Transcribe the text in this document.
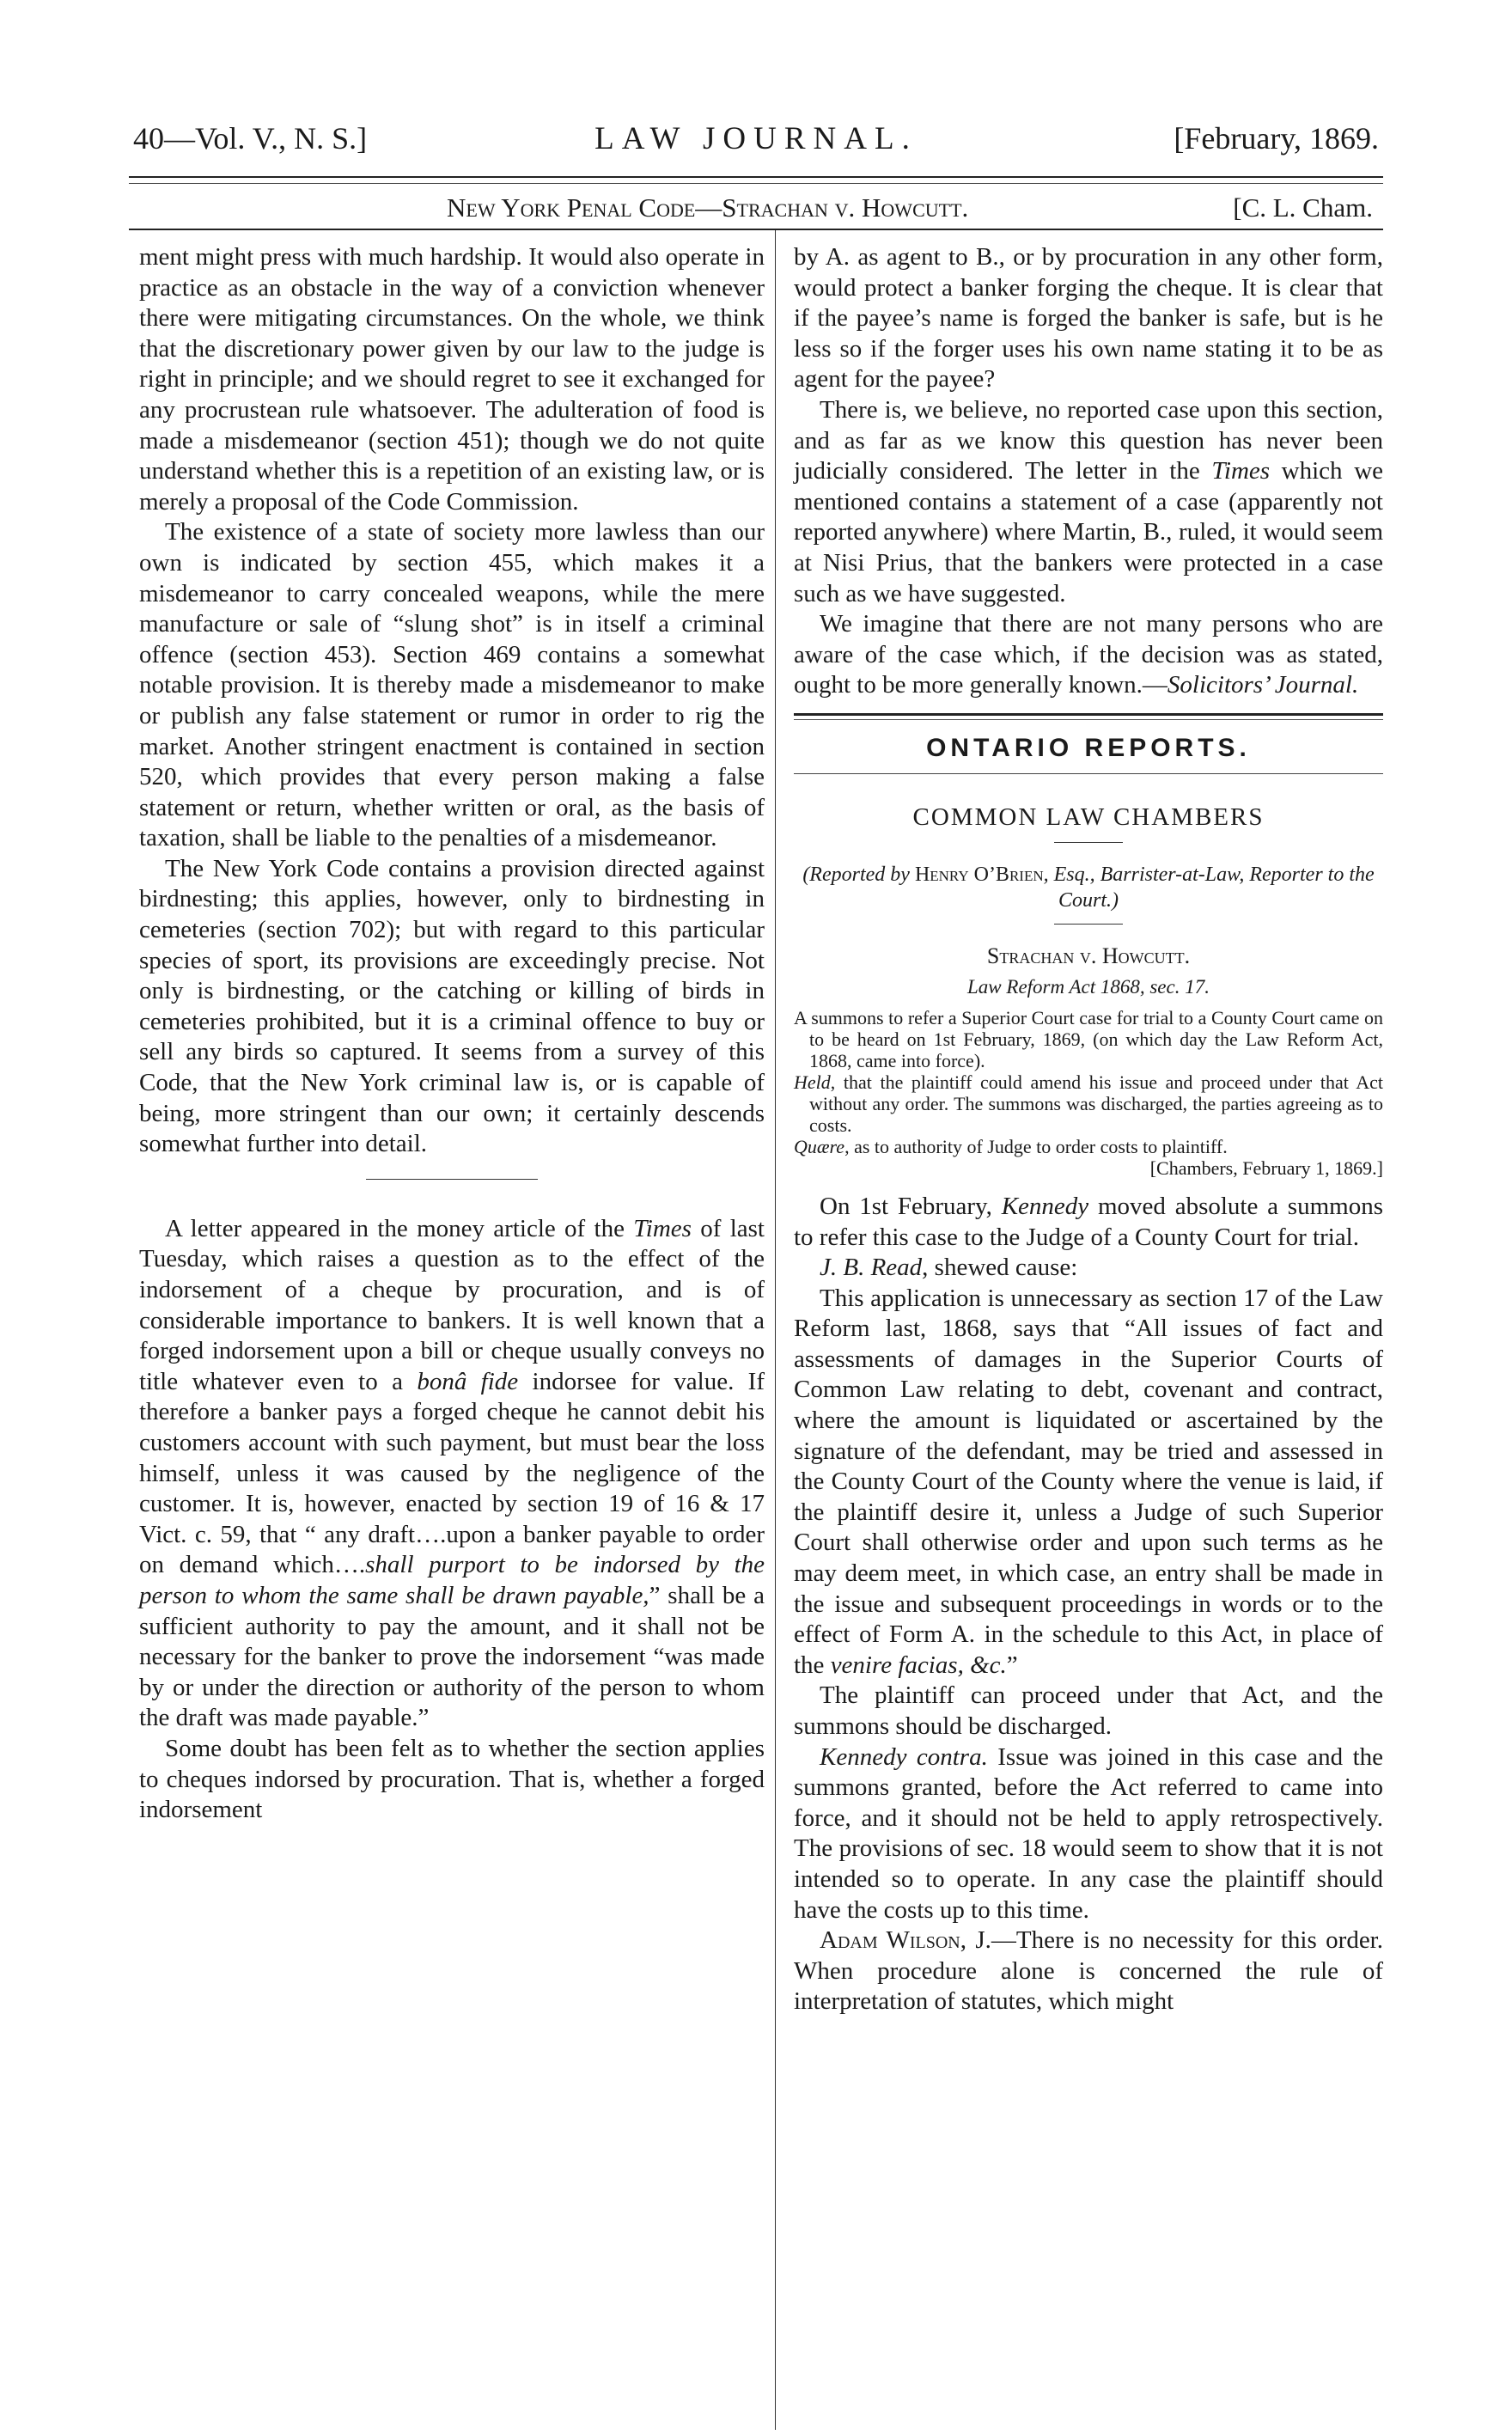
40—Vol. V., N. S.]	LAW JOURNAL.	[February, 1869.
New York Penal Code—Strachan v. Howcutt.	[C. L. Cham.

ment might press with much hardship. It would also operate in practice as an obstacle in the way of a conviction whenever there were mitigating circumstances. On the whole, we think that the discretionary power given by our law to the judge is right in principle; and we should regret to see it exchanged for any procrustean rule whatsoever. The adulteration of food is made a misdemeanor (section 451); though we do not quite understand whether this is a repetition of an existing law, or is merely a proposal of the Code Commission.

The existence of a state of society more lawless than our own is indicated by section 455, which makes it a misdemeanor to carry concealed weapons, while the mere manufacture or sale of “slung shot” is in itself a criminal offence (section 453). Section 469 contains a somewhat notable provision. It is thereby made a misdemeanor to make or publish any false statement or rumor in order to rig the market. Another stringent enactment is contained in section 520, which provides that every person making a false statement or return, whether written or oral, as the basis of taxation, shall be liable to the penalties of a misdemeanor.

The New York Code contains a provision directed against birdnesting; this applies, however, only to birdnesting in cemeteries (section 702); but with regard to this particular species of sport, its provisions are exceedingly precise. Not only is birdnesting, or the catching or killing of birds in cemeteries prohibited, but it is a criminal offence to buy or sell any birds so captured. It seems from a survey of this Code, that the New York criminal law is, or is capable of being, more stringent than our own; it certainly descends somewhat further into detail.

A letter appeared in the money article of the Times of last Tuesday, which raises a question as to the effect of the indorsement of a cheque by procuration, and is of considerable importance to bankers. It is well known that a forged indorsement upon a bill or cheque usually conveys no title whatever even to a bonâ fide indorsee for value. If therefore a banker pays a forged cheque he cannot debit his customers account with such payment, but must bear the loss himself, unless it was caused by the negligence of the customer. It is, however, enacted by section 19 of 16 & 17 Vict. c. 59, that “ any draft….upon a banker payable to order on demand which….shall purport to be indorsed by the person to whom the same shall be drawn payable,” shall be a sufficient authority to pay the amount, and it shall not be necessary for the banker to prove the indorsement “was made by or under the direction or authority of the person to whom the draft was made payable.”

Some doubt has been felt as to whether the section applies to cheques indorsed by procuration. That is, whether a forged indorsement

by A. as agent to B., or by procuration in any other form, would protect a banker forging the cheque. It is clear that if the payee’s name is forged the banker is safe, but is he less so if the forger uses his own name stating it to be as agent for the payee?

There is, we believe, no reported case upon this section, and as far as we know this question has never been judicially considered. The letter in the Times which we mentioned contains a statement of a case (apparently not reported anywhere) where Martin, B., ruled, it would seem at Nisi Prius, that the bankers were protected in a case such as we have suggested.

We imagine that there are not many persons who are aware of the case which, if the decision was as stated, ought to be more generally known.—Solicitors’ Journal.

ONTARIO REPORTS.
COMMON LAW CHAMBERS
(Reported by Henry O’Brien, Esq., Barrister-at-Law, Reporter to the Court.)
Strachan v. Howcutt.
Law Reform Act 1868, sec. 17.

A summons to refer a Superior Court case for trial to a County Court came on to be heard on 1st February, 1869, (on which day the Law Reform Act, 1868, came into force).

Held, that the plaintiff could amend his issue and proceed under that Act without any order. The summons was discharged, the parties agreeing as to costs.

Quære, as to authority of Judge to order costs to plaintiff.

[Chambers, February 1, 1869.]

On 1st February, Kennedy moved absolute a summons to refer this case to the Judge of a County Court for trial.

J. B. Read, shewed cause:

This application is unnecessary as section 17 of the Law Reform last, 1868, says that “All issues of fact and assessments of damages in the Superior Courts of Common Law relating to debt, covenant and contract, where the amount is liquidated or ascertained by the signature of the defendant, may be tried and assessed in the County Court of the County where the venue is laid, if the plaintiff desire it, unless a Judge of such Superior Court shall otherwise order and upon such terms as he may deem meet, in which case, an entry shall be made in the issue and subsequent proceedings in words or to the effect of Form A. in the schedule to this Act, in place of the venire facias, &c.”

The plaintiff can proceed under that Act, and the summons should be discharged.

Kennedy contra. Issue was joined in this case and the summons granted, before the Act referred to came into force, and it should not be held to apply retrospectively. The provisions of sec. 18 would seem to show that it is not intended so to operate. In any case the plaintiff should have the costs up to this time.

Adam Wilson, J.—There is no necessity for this order. When procedure alone is concerned the rule of interpretation of statutes, which might
